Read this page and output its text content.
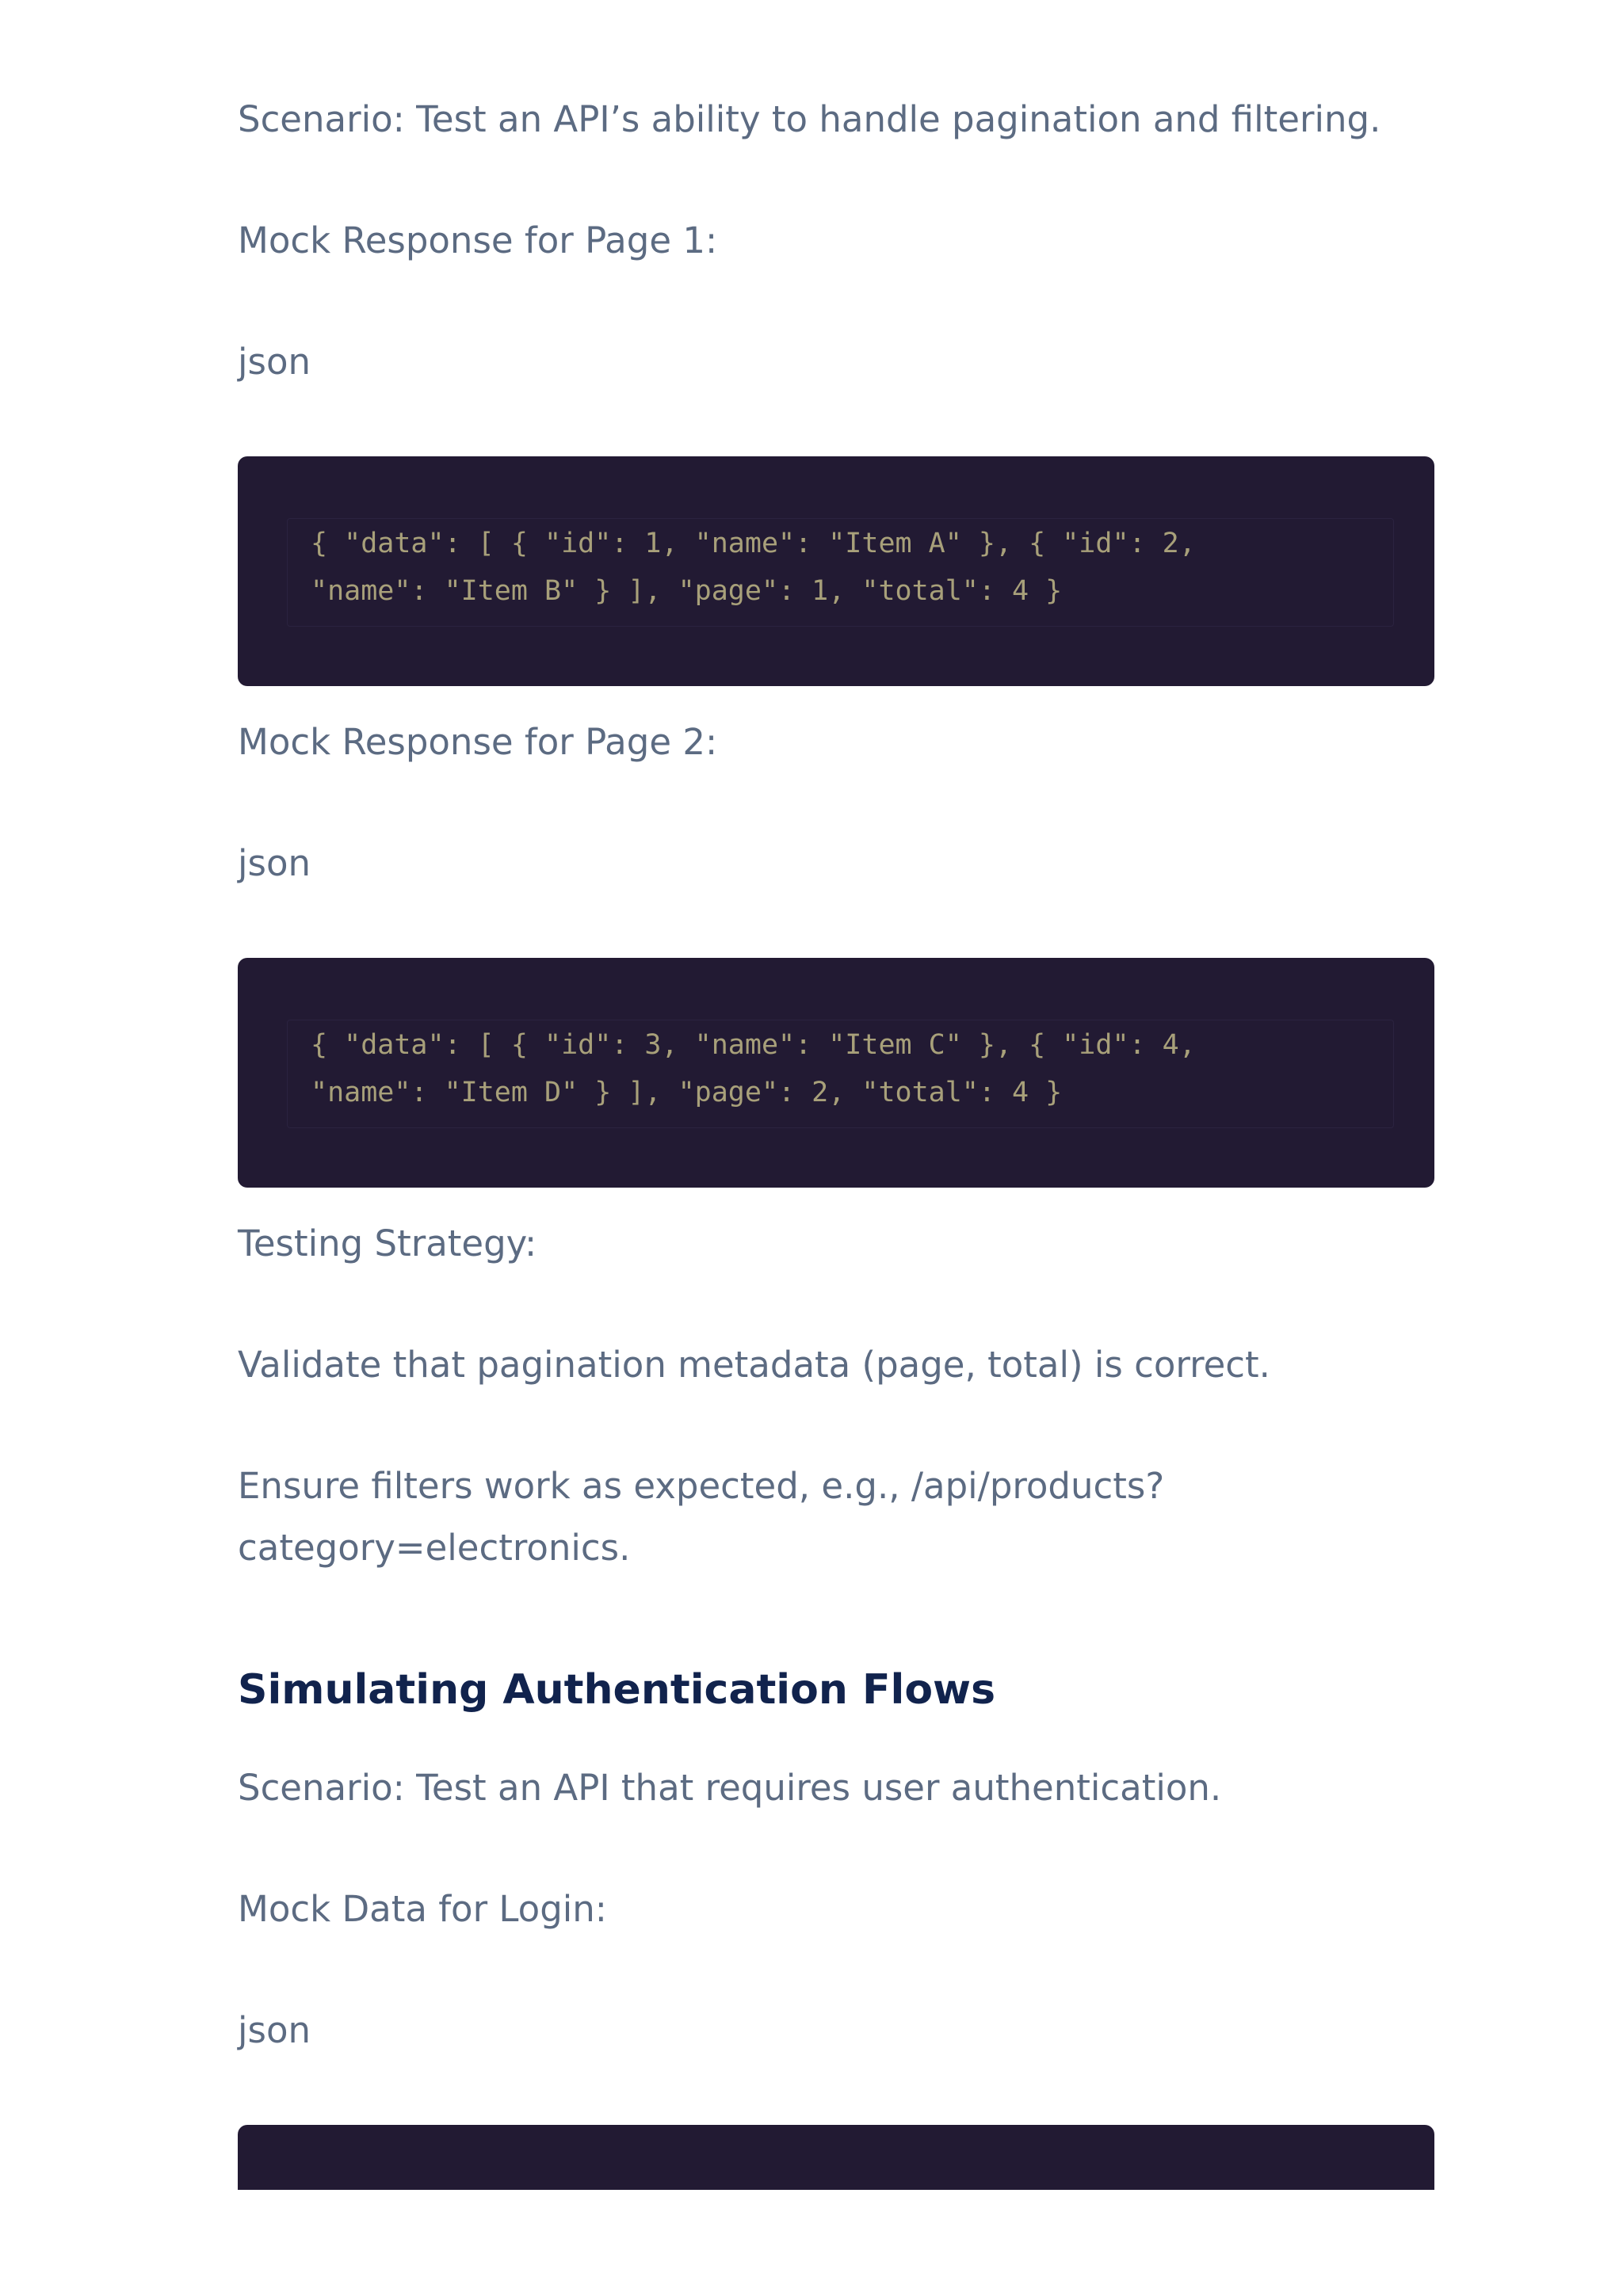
Scenario: Test an API’s ability to handle pagination and filtering.

Mock Response for Page 1:

json

{ "data": [ { "id": 1, "name": "Item A" }, { "id": 2, "name": "Item B" } ], "page": 1, "total": 4 }

Mock Response for Page 2:

json

{ "data": [ { "id": 3, "name": "Item C" }, { "id": 4, "name": "Item D" } ], "page": 2, "total": 4 }

Testing Strategy:

Validate that pagination metadata (page, total) is correct.

Ensure filters work as expected, e.g., /api/products?category=electronics.

Simulating Authentication Flows

Scenario: Test an API that requires user authentication.

Mock Data for Login:

json
